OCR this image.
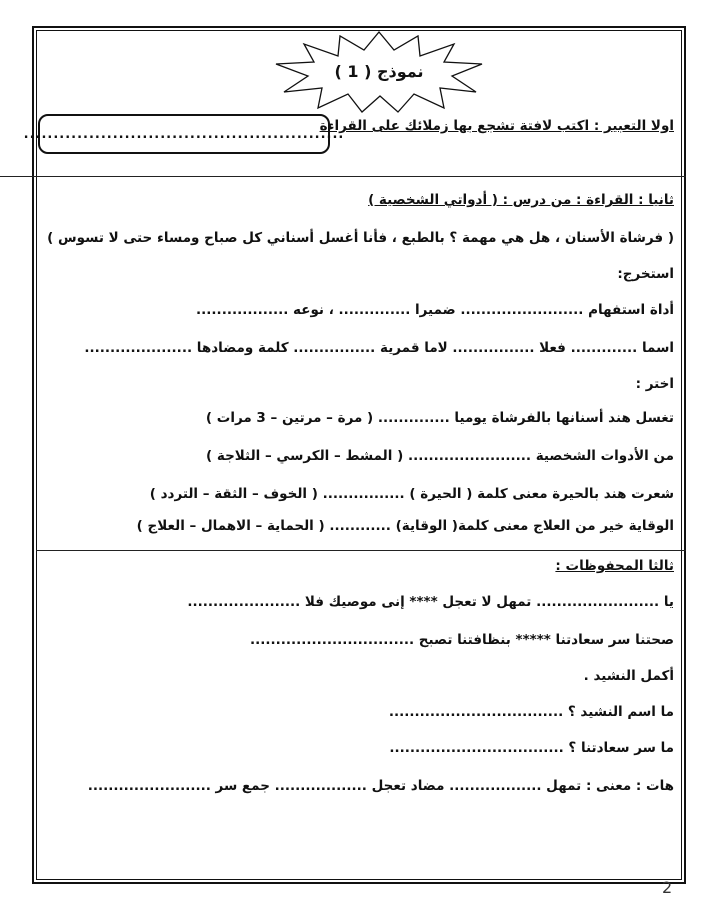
نموذج ( 1 )
اولا التعبير : اكتب لافتة تشجع بها زملائك على القراءة
......................................................
ثانيا : القراءة : من درس : ( أدواتي الشخصية )
( فرشاة الأسنان ، هل هي مهمة ؟ بالطبع ، فأنا أغسل أسناني كل صباح ومساء حتى لا تسوس )
استخرج:
أداة استفهام ........................ ضميرا .............. ، نوعه ..................
اسما ............. فعلا ................ لاما قمرية ................ كلمة ومضادها .....................
اختر :
تغسل هند أسنانها بالفرشاة يوميا .............. ( مرة – مرتين – 3 مرات )
من الأدوات الشخصية ........................ ( المشط – الكرسي – الثلاجة )
شعرت هند بالحيرة معنى كلمة ( الحيرة ) ................ ( الخوف – الثقة – التردد )
الوقاية خير من العلاج معنى كلمة( الوقاية) ............ ( الحماية – الاهمال – العلاج )
ثالثا المحفوظات :
يا ........................ تمهل لا تعجل **** إنى موصيك فلا ......................
صحتنا سر سعادتنا ***** بنظافتنا تصبح ................................
أكمل النشيد .
ما اسم النشيد ؟ ..................................
ما سر سعادتنا ؟ ..................................
هات : معنى : تمهل .................. مضاد تعجل .................. جمع سر ........................
2
